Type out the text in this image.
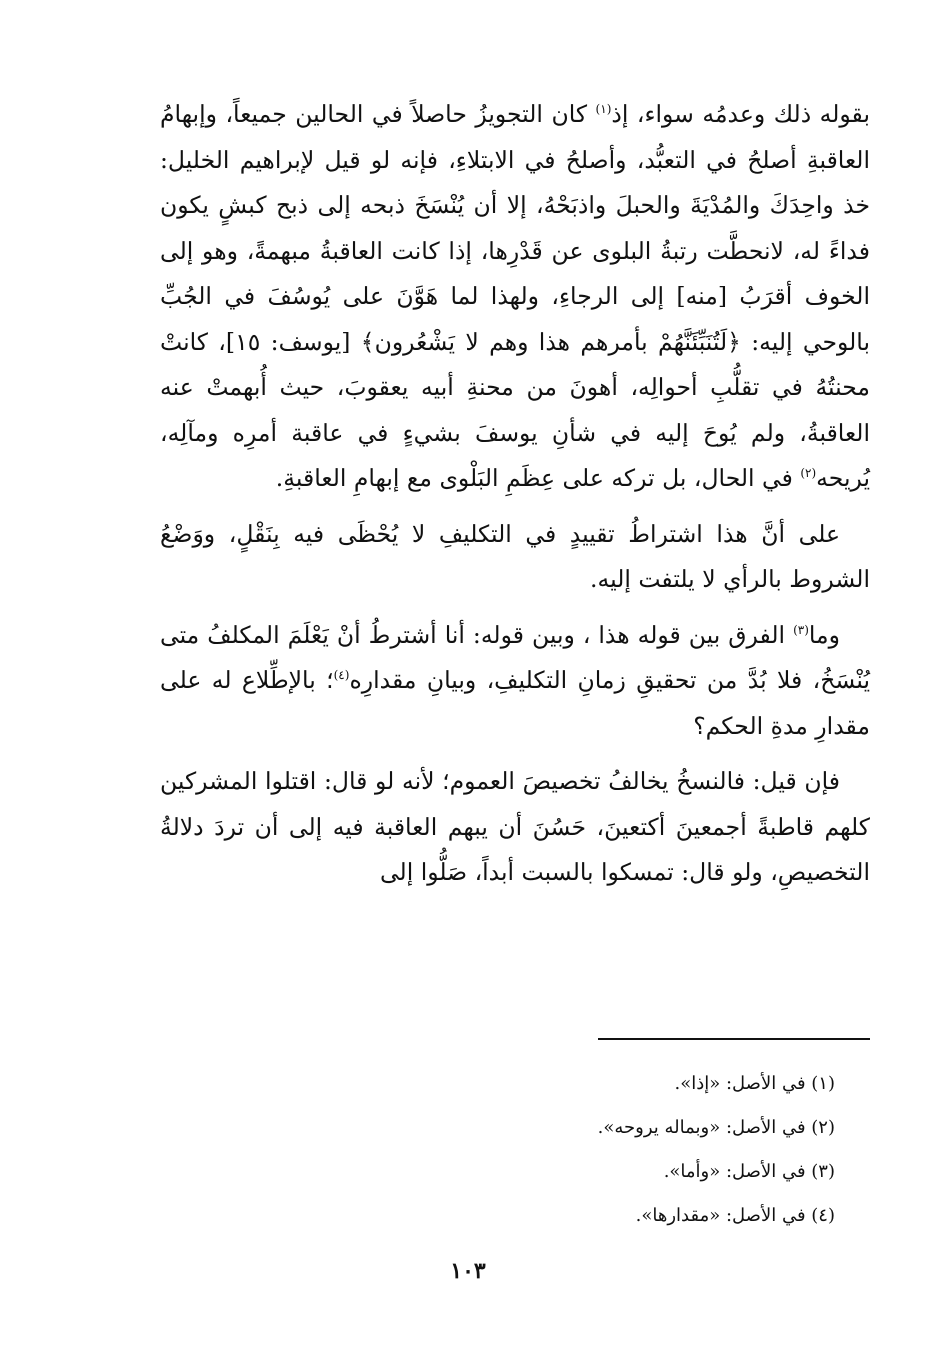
بقوله ذلك وعدمُه سواء، إذ$^{(١)}$ كان التجويزُ حاصلاً في الحالين جميعاً، وإبهامُ العاقبةِ أصلحُ في التعبُّد، وأصلحُ في الابتلاءِ، فإنه لو قيل لإبراهيم الخليل: خذ واحِدَكَ والمُدْيَةَ والحبلَ واذبَحْهُ، إلا أن يُنْسَخَ ذبحه إلى ذبح كبشٍ يكون فداءً له، لانحطَّت رتبةُ البلوى عن قَدْرِها، إذا كانت العاقبةُ مبهمةً، وهو إلى الخوف أقرَبُ [منه] إلى الرجاءِ، ولهذا لما هَوَّنَ على يُوسُفَ في الجُبِّ بالوحي إليه: ﴿لَتُنَبِّئَنَّهُمْ بأمرهم هذا وهم لا يَشْعُرون﴾ [يوسف: ١٥]، كانتْ محنتُهُ في تقلُّبِ أحوالِه، أهونَ من محنةِ أبيه يعقوبَ، حيث أُبهمتْ عنه العاقبةُ، ولم يُوحَ إليه في شأنِ يوسفَ بشيءٍ في عاقبة أمرِه ومآلِه، يُريحه$^{(٢)}$ في الحال، بل تركه على عِظَمِ البَلْوى مع إبهامِ العاقبةِ.

على أنَّ هذا اشتراطُ تقييدٍ في التكليفِ لا يُحْظَى فيه بِنَقْلٍ، ووَضْعُ الشروط بالرأي لا يلتفت إليه.

وما$^{(٣)}$ الفرق بين قوله هذا ، وبين قوله: أنا أشترطُ أنْ يَعْلَمَ المكلفُ متى يُنْسَخُ، فلا بُدَّ من تحقيقِ زمانِ التكليفِ، وبيانِ مقدارِه$^{(٤)}$؛ بالإطِّلاع له على مقدارِ مدةِ الحكم؟

فإن قيل: فالنسخُ يخالفُ تخصيصَ العموم؛ لأنه لو قال: اقتلوا المشركين كلهم قاطبةً أجمعينَ أكتعينَ، حَسُنَ أن يبهم العاقبة فيه إلى أن تردَ دلالةُ التخصيصِ، ولو قال: تمسكوا بالسبت أبداً، صَلُّوا إلى

(١) في الأصل: «إذا».

(٢) في الأصل: «وبماله يروحه».

(٣) في الأصل: «وأما».

(٤) في الأصل: «مقدارها».

١٠٣
